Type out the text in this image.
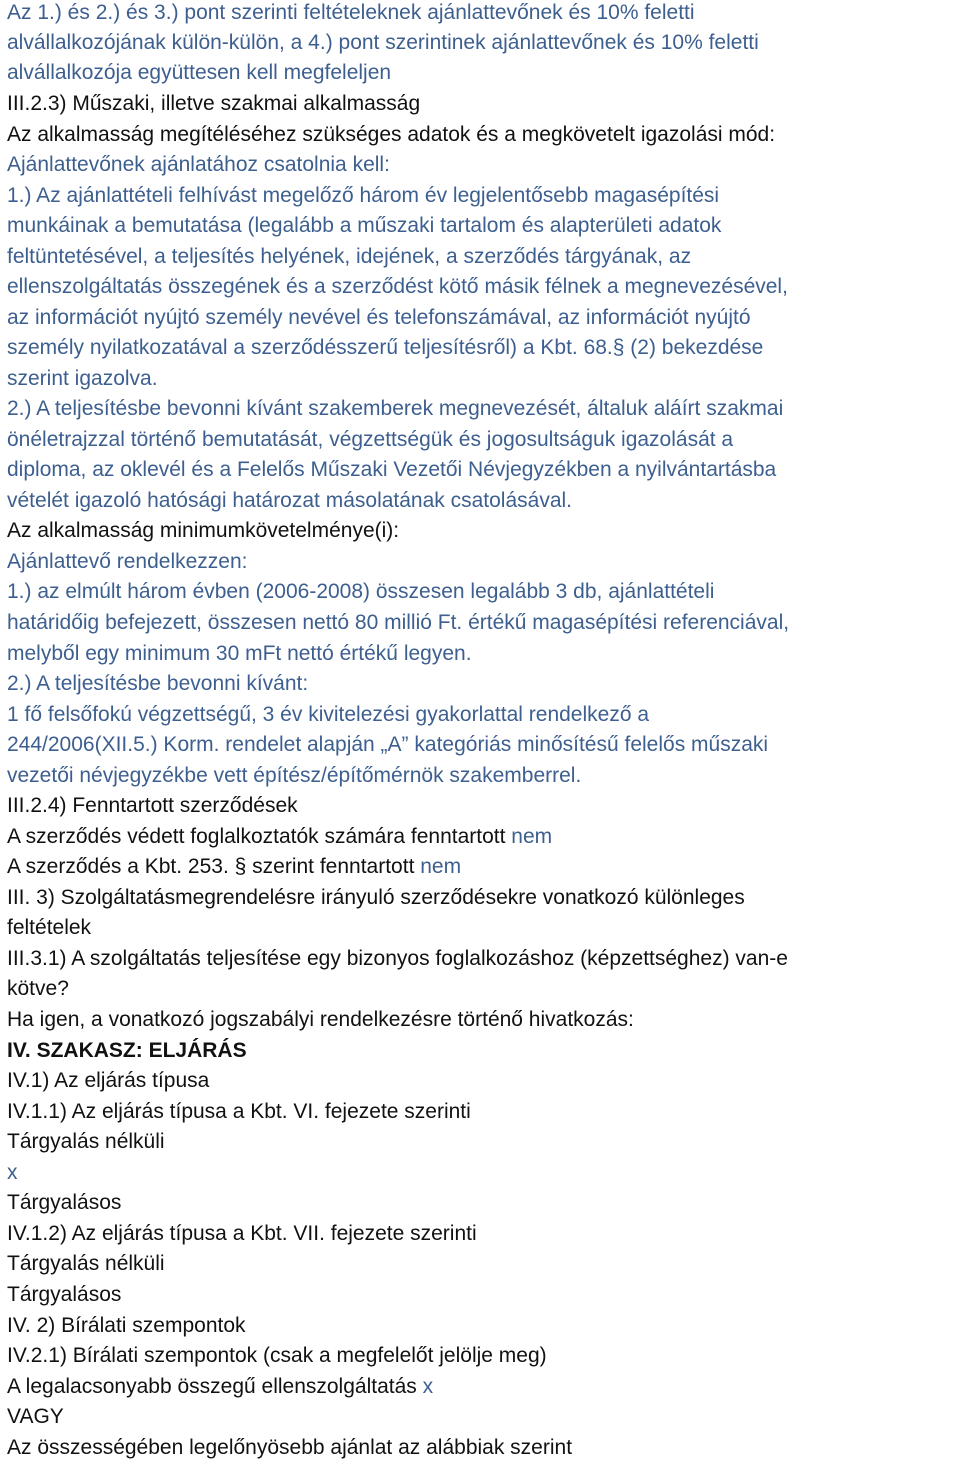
Az 1.) és 2.) és 3.) pont szerinti feltételeknek ajánlattevőnek és 10% feletti
alvállalkozójának külön-külön, a 4.) pont szerintinek ajánlattevőnek és 10% feletti
alvállalkozója együttesen kell megfeleljen
III.2.3) Műszaki, illetve szakmai alkalmasság
Az alkalmasság megítéléséhez szükséges adatok és a megkövetelt igazolási mód:
Ajánlattevőnek ajánlatához csatolnia kell:
1.) Az ajánlattételi felhívást megelőző három év legjelentősebb magasépítési
munkáinak a bemutatása (legalább a műszaki tartalom és alapterületi adatok
feltüntetésével, a teljesítés helyének, idejének, a szerződés tárgyának, az
ellenszolgáltatás összegének és a szerződést kötő másik félnek a megnevezésével,
az információt nyújtó személy nevével és telefonszámával, az információt nyújtó
személy nyilatkozatával a szerződésszerű teljesítésről) a Kbt. 68.§ (2) bekezdése
szerint igazolva.
2.) A teljesítésbe bevonni kívánt szakemberek megnevezését, általuk aláírt szakmai
önéletrajzzal történő bemutatását, végzettségük és jogosultságuk igazolását a
diploma, az oklevél és a Felelős Műszaki Vezetői Névjegyzékben a nyilvántartásba
vételét igazoló hatósági határozat másolatának csatolásával.
Az alkalmasság minimumkövetelménye(i):
Ajánlattevő rendelkezzen:
1.) az elmúlt három évben (2006-2008) összesen legalább 3 db, ajánlattételi
határidőig befejezett, összesen nettó 80 millió Ft. értékű magasépítési referenciával,
melyből egy minimum 30 mFt nettó értékű legyen.
2.) A teljesítésbe bevonni kívánt:
1 fő felsőfokú végzettségű, 3 év kivitelezési gyakorlattal rendelkező a
244/2006(XII.5.) Korm. rendelet alapján „A” kategóriás minősítésű felelős műszaki
vezetői névjegyzékbe vett építész/építőmérnök szakemberrel.
III.2.4) Fenntartott szerződések
A szerződés védett foglalkoztatók számára fenntartott nem
A szerződés a Kbt. 253. § szerint fenntartott nem
III. 3) Szolgáltatásmegrendelésre irányuló szerződésekre vonatkozó különleges
feltételek
III.3.1) A szolgáltatás teljesítése egy bizonyos foglalkozáshoz (képzettséghez) van-e
kötve?
Ha igen, a vonatkozó jogszabályi rendelkezésre történő hivatkozás:
IV. SZAKASZ: ELJÁRÁS
IV.1) Az eljárás típusa
IV.1.1) Az eljárás típusa a Kbt. VI. fejezete szerinti
Tárgyalás nélküli
x
Tárgyalásos
IV.1.2) Az eljárás típusa a Kbt. VII. fejezete szerinti
Tárgyalás nélküli
Tárgyalásos
IV. 2) Bírálati szempontok
IV.2.1) Bírálati szempontok (csak a megfelelőt jelölje meg)
A legalacsonyabb összegű ellenszolgáltatás x
VAGY
Az összességében legelőnyösebb ajánlat az alábbiak szerint
